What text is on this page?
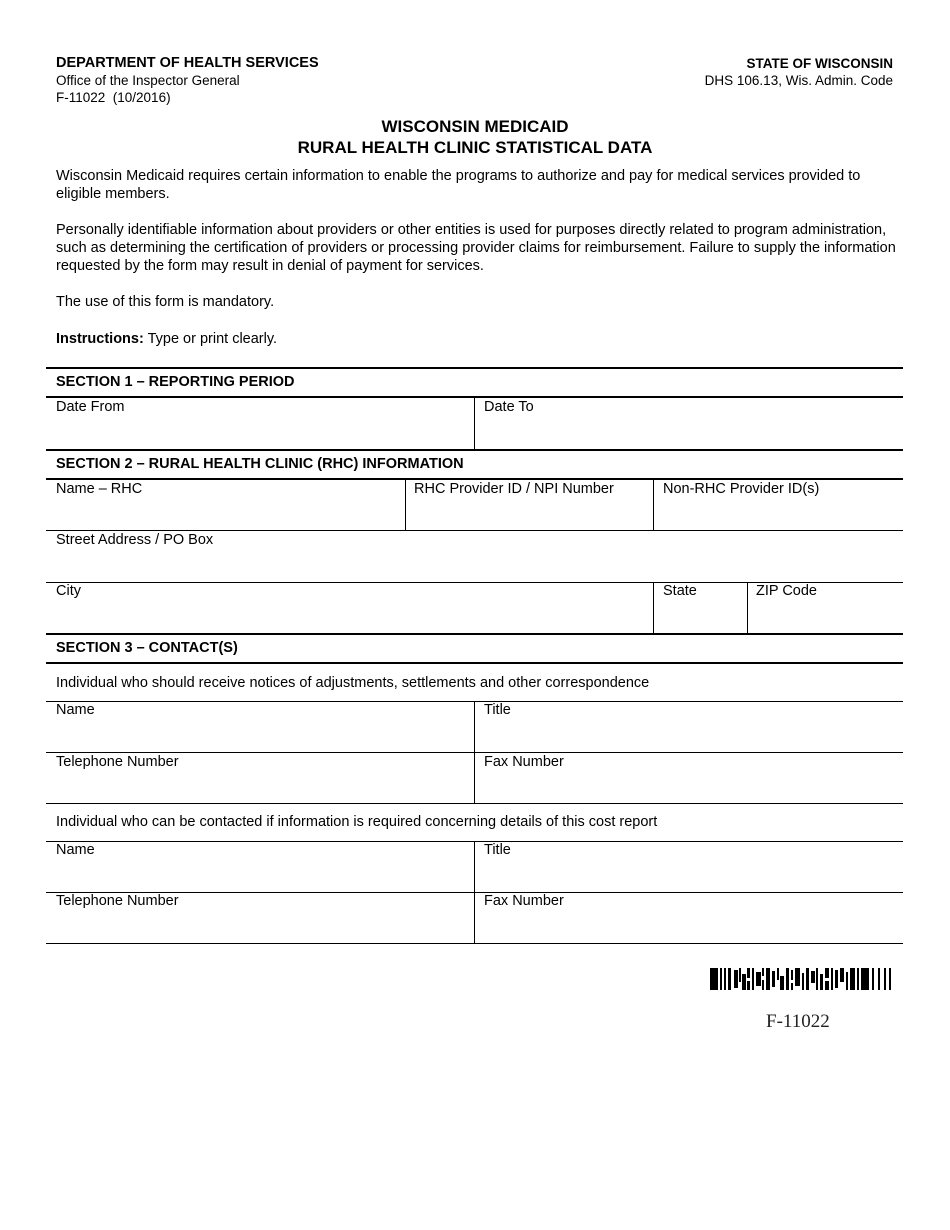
DEPARTMENT OF HEALTH SERVICES
Office of the Inspector General
F-11022  (10/2016)
STATE OF WISCONSIN
DHS 106.13, Wis. Admin. Code
WISCONSIN MEDICAID
RURAL HEALTH CLINIC STATISTICAL DATA
Wisconsin Medicaid requires certain information to enable the programs to authorize and pay for medical services provided to eligible members.
Personally identifiable information about providers or other entities is used for purposes directly related to program administration, such as determining the certification of providers or processing provider claims for reimbursement. Failure to supply the information requested by the form may result in denial of payment for services.
The use of this form is mandatory.
Instructions: Type or print clearly.
SECTION 1 – REPORTING PERIOD
Date From	Date To
SECTION 2 – RURAL HEALTH CLINIC (RHC) INFORMATION
Name – RHC	RHC Provider ID / NPI Number	Non-RHC Provider ID(s)
Street Address / PO Box
City	State	ZIP Code
SECTION 3 – CONTACT(S)
Individual who should receive notices of adjustments, settlements and other correspondence
Name	Title
Telephone Number	Fax Number
Individual who can be contacted if information is required concerning details of this cost report
Name	Title
Telephone Number	Fax Number
F-11022
